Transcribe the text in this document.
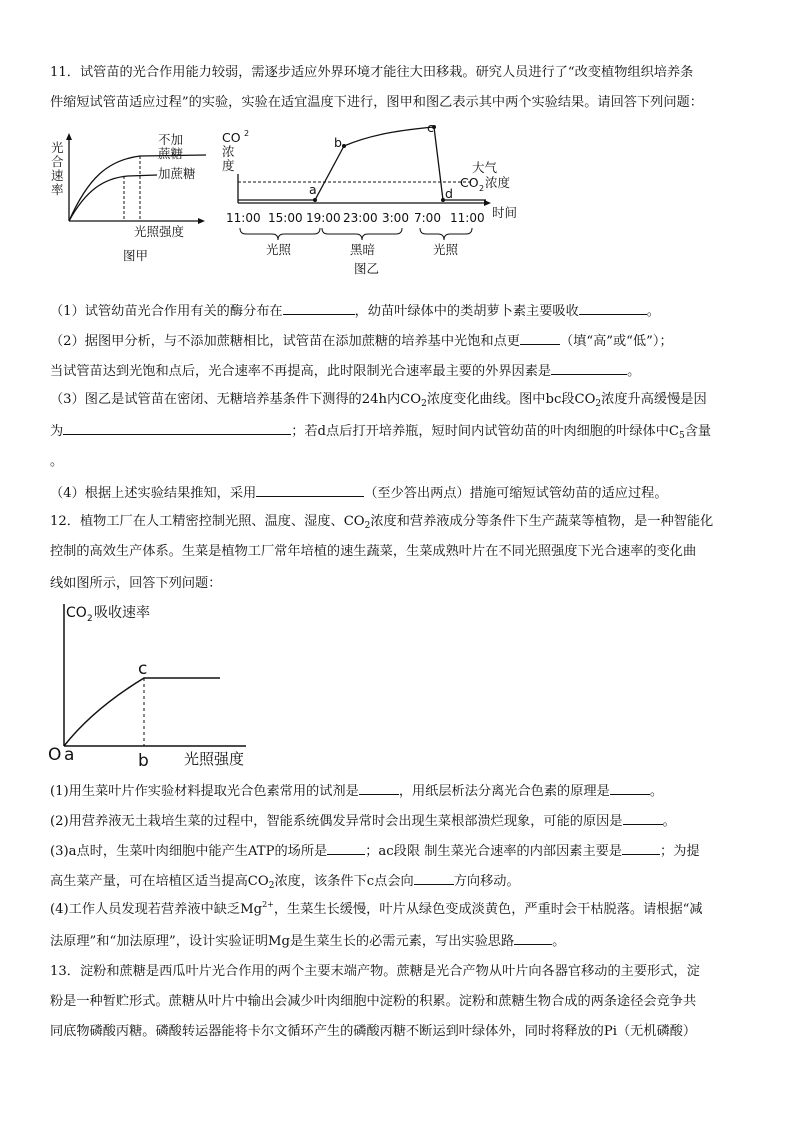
11．试管苗的光合作用能力较弱，需逐步适应外界环境才能往大田移栽。研究人员进行了“改变植物组织培养条
件缩短试管苗适应过程”的实验，实验在适宜温度下进行，图甲和图乙表示其中两个实验结果。请回答下列问题：
光
合
速
率
不加
蔗糖
加蔗糖
光照强度
图甲
CO 2
浓
度
a
b
c
d
大气
CO 2 浓度
11:00 15:00 19:00 23:00 3:00 7:00 11:00 时间
光照	黑暗	光照
图乙
（1）试管幼苗光合作用有关的酶分布在	，幼苗叶绿体中的类胡萝卜素主要吸收	。
（2）据图甲分析，与不添加蔗糖相比，试管苗在添加蔗糖的培养基中光饱和点更	（填“高”或“低”）；
当试管苗达到光饱和点后，光合速率不再提高，此时限制光合速率最主要的外界因素是	。
（3）图乙是试管苗在密闭、无糖培养基条件下测得的24h内$CO_2$浓度变化曲线。图中bc段$CO_2$浓度升高缓慢是因
为	；若d点后打开培养瓶，短时间内试管幼苗的叶肉细胞的叶绿体中$C_5$含量
。
（4）根据上述实验结果推知，采用	（至少答出两点）措施可缩短试管幼苗的适应过程。
12．植物工厂在人工精密控制光照、温度、湿度、$CO_2$浓度和营养液成分等条件下生产蔬菜等植物，是一种智能化
控制的高效生产体系。生菜是植物工厂常年培植的速生蔬菜，生菜成熟叶片在不同光照强度下光合速率的变化曲
线如图所示，回答下列问题：
CO 2 吸收速率
O a	b
c
光照强度
(1)用生菜叶片作实验材料提取光合色素常用的试剂是	，用纸层析法分离光合色素的原理是	。
(2)用营养液无土栽培生菜的过程中，智能系统偶发异常时会出现生菜根部溃烂现象，可能的原因是	。
(3)a点时，生菜叶肉细胞中能产生ATP的场所是	；ac段限 制生菜光合速率的内部因素主要是	；为提
高生菜产量，可在培植区适当提高$CO_2$浓度，该条件下c点会向	方向移动。
(4)工作人员发现若营养液中缺乏$Mg^{2+}$，生菜生长缓慢，叶片从绿色变成淡黄色，严重时会干枯脱落。请根据“减
法原理”和“加法原理”，设计实验证明Mg是生菜生长的必需元素，写出实验思路	。
13．淀粉和蔗糖是西瓜叶片光合作用的两个主要末端产物。蔗糖是光合产物从叶片向各器官移动的主要形式，淀
粉是一种暂贮形式。蔗糖从叶片中输出会减少叶肉细胞中淀粉的积累。淀粉和蔗糖生物合成的两条途径会竞争共
同底物磷酸丙糖。磷酸转运器能将卡尔文循环产生的磷酸丙糖不断运到叶绿体外，同时将释放的Pi（无机磷酸）
